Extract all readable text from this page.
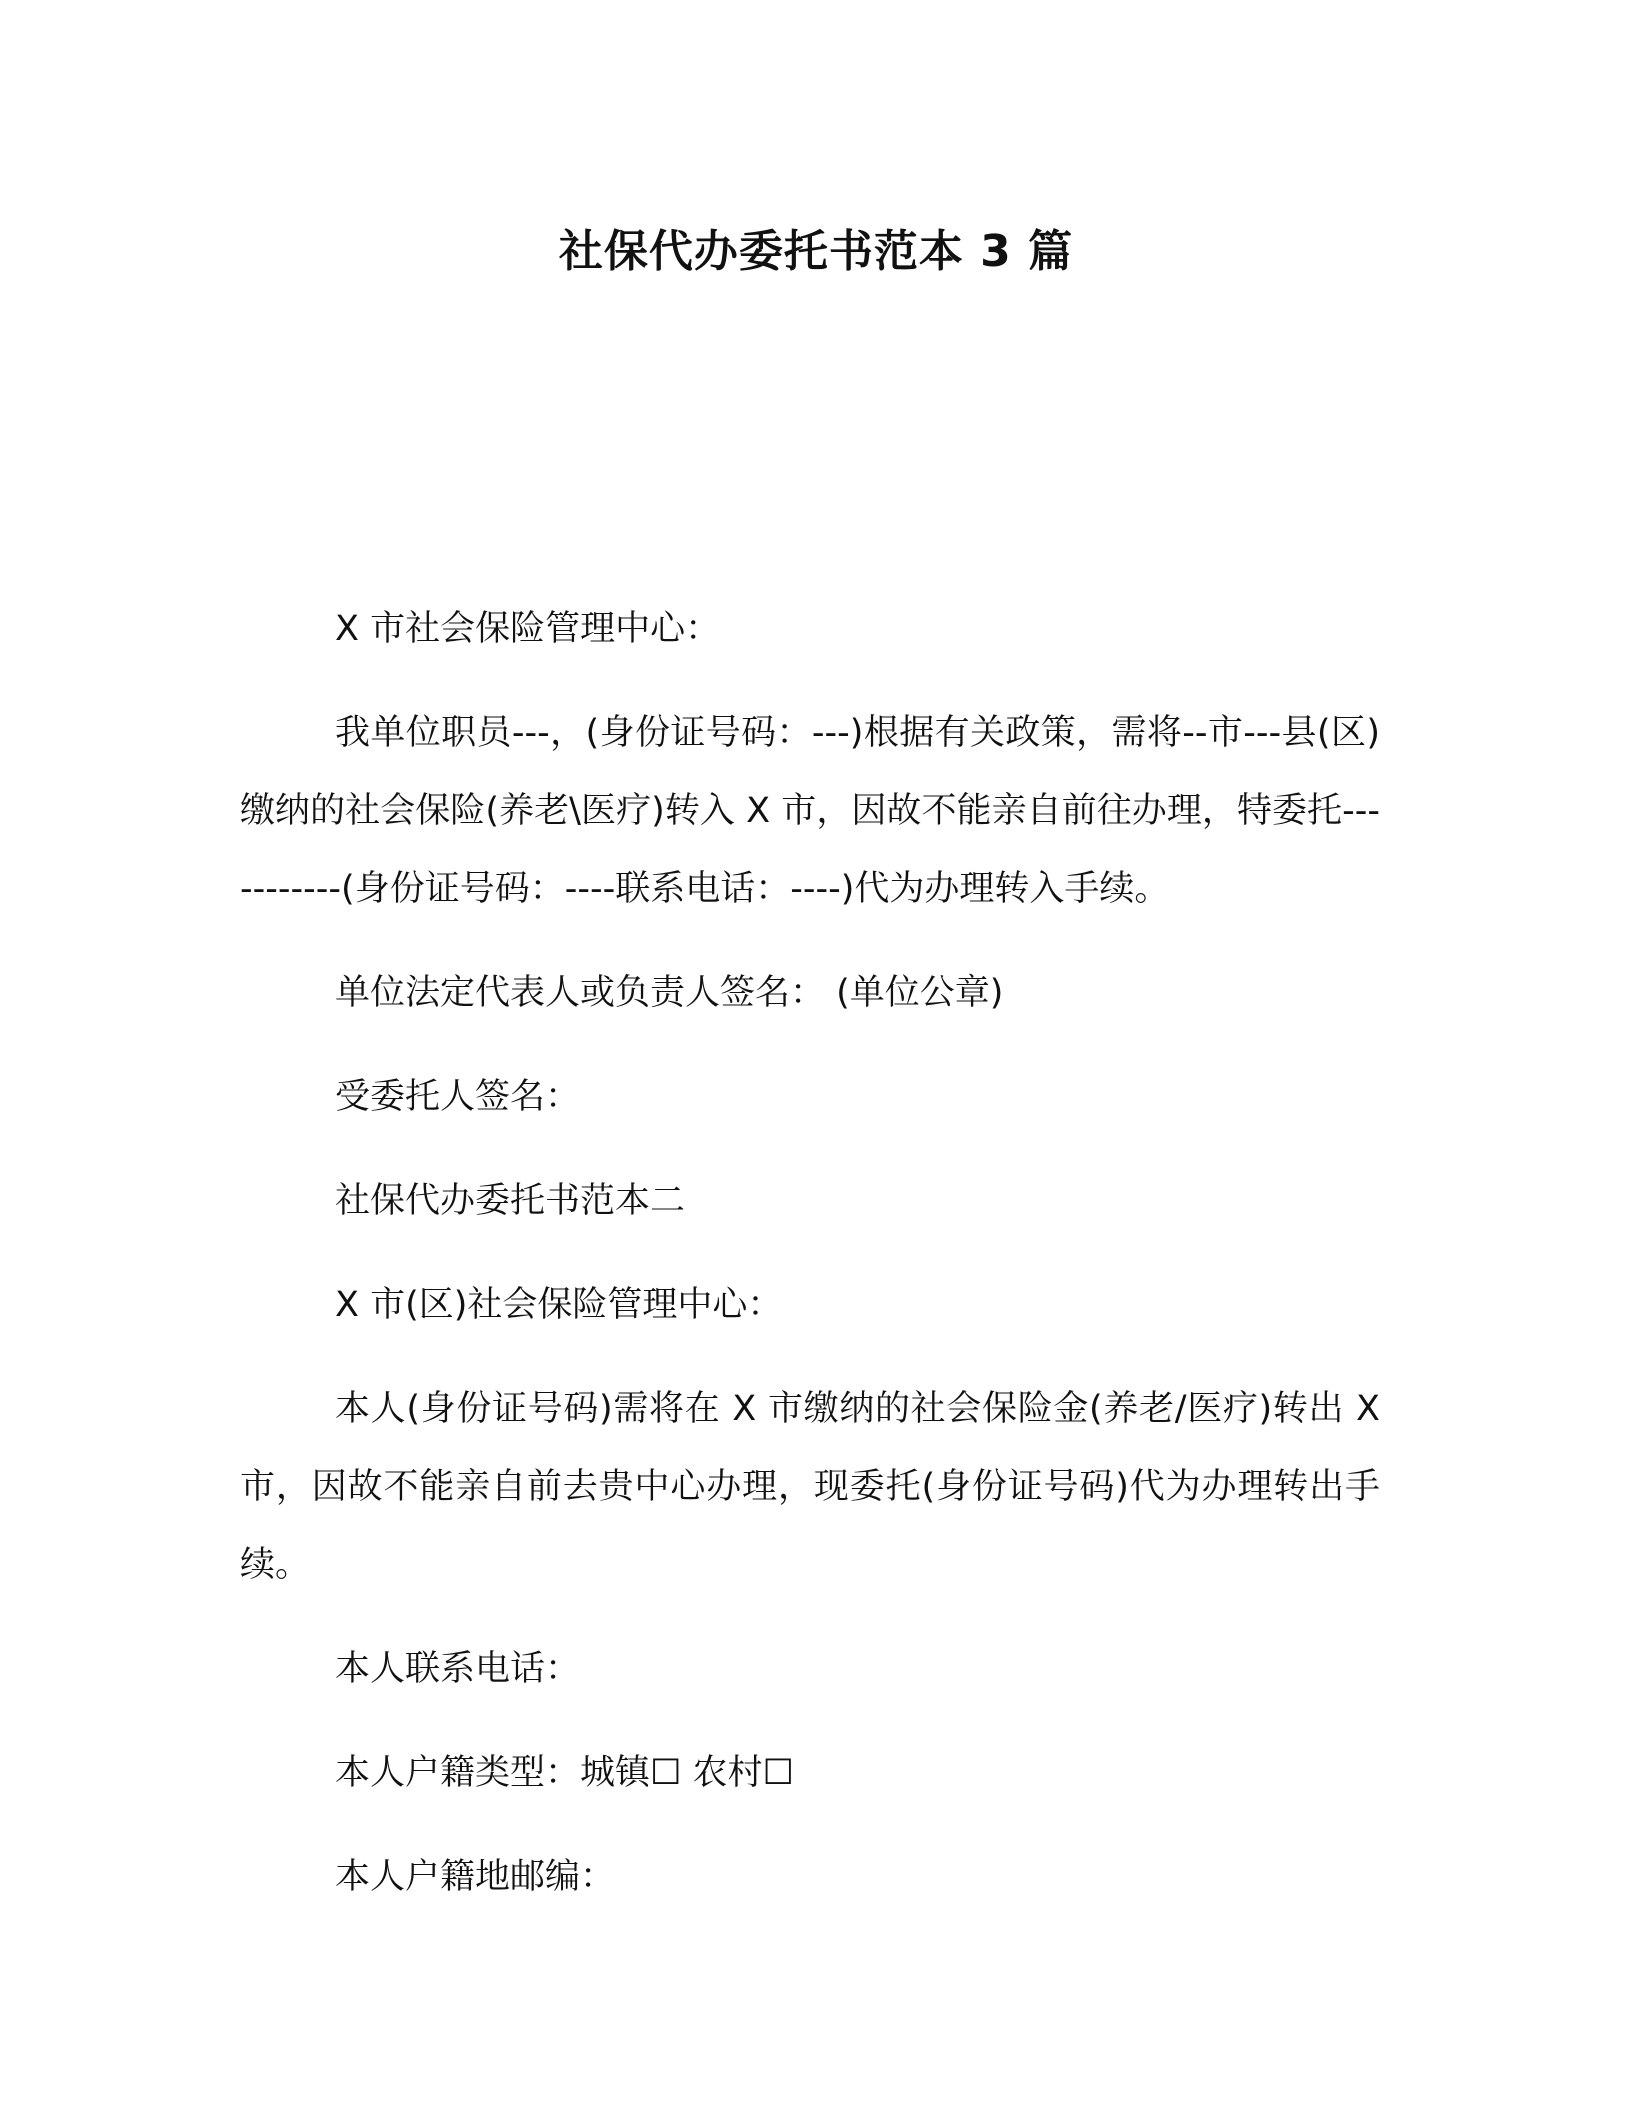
社保代办委托书范本 3 篇

X 市社会保险管理中心：

我单位职员---，(身份证号码：---)根据有关政策，需将--市---县(区)缴纳的社会保险(养老\医疗)转入 X 市，因故不能亲自前往办理，特委托-----------(身份证号码：----联系电话：----)代为办理转入手续。

单位法定代表人或负责人签名： (单位公章)

受委托人签名：

社保代办委托书范本二

X 市(区)社会保险管理中心：

本人(身份证号码)需将在 X 市缴纳的社会保险金(养老/医疗)转出 X 市，因故不能亲自前去贵中心办理，现委托(身份证号码)代为办理转出手续。

本人联系电话：

本人户籍类型：城镇☐ 农村☐

本人户籍地邮编：
